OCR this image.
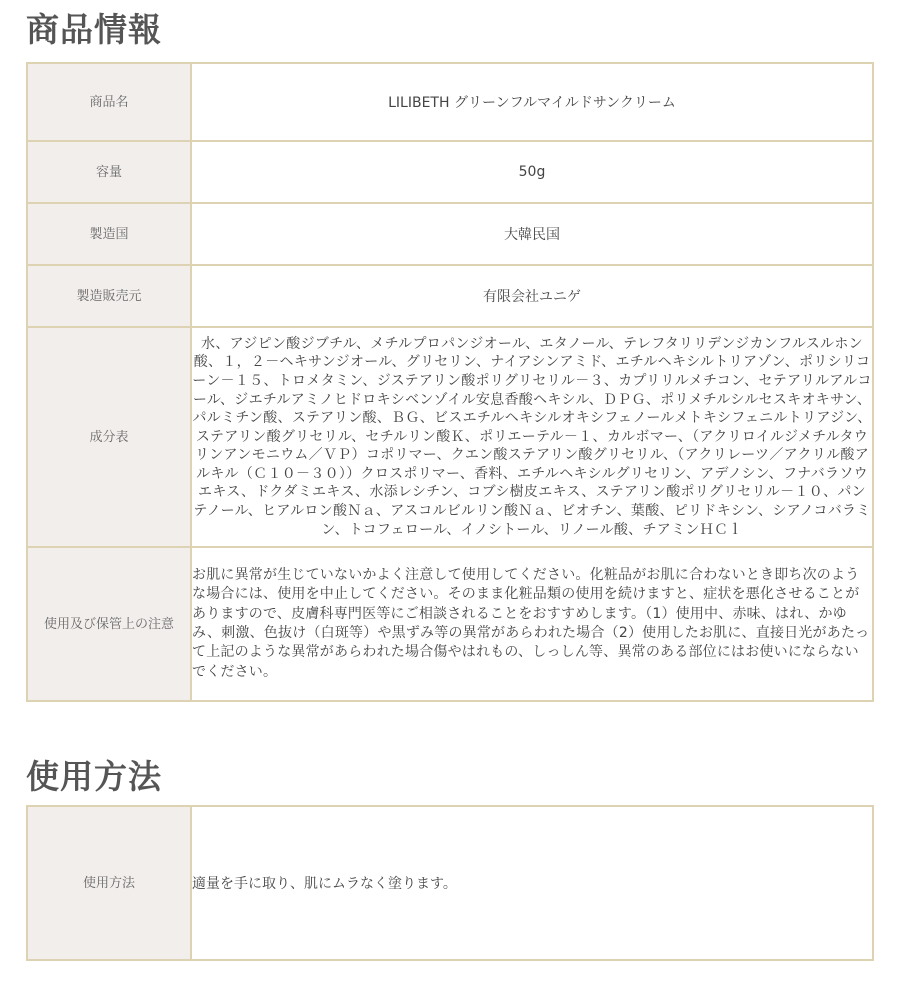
商品情報
商品名	LILIBETH グリーンフルマイルドサンクリーム
容量	50g
製造国	大韓民国
製造販売元	有限会社ユニゲ
成分表	水、アジピン酸ジブチル、メチルプロパンジオール、エタノール、テレフタリリデンジカンフルスルホン酸、１，２－ヘキサンジオール、グリセリン、ナイアシンアミド、エチルヘキシルトリアゾン、ポリシリコーン－１５、トロメタミン、ジステアリン酸ポリグリセリル－３、カプリリルメチコン、セテアリルアルコール、ジエチルアミノヒドロキシベンゾイル安息香酸ヘキシル、ＤＰＧ、ポリメチルシルセスキオキサン、パルミチン酸、ステアリン酸、ＢＧ、ビスエチルヘキシルオキシフェノールメトキシフェニルトリアジン、ステアリン酸グリセリル、セチルリン酸Ｋ、ポリエーテル－１、カルボマー、（アクリロイルジメチルタウリンアンモニウム／ＶＰ）コポリマー、クエン酸ステアリン酸グリセリル、（アクリレーツ／アクリル酸アルキル（Ｃ１０－３０））クロスポリマー、香料、エチルヘキシルグリセリン、アデノシン、フナバラソウエキス、ドクダミエキス、水添レシチン、コブシ樹皮エキス、ステアリン酸ポリグリセリル－１０、パンテノール、ヒアルロン酸Ｎａ、アスコルビルリン酸Ｎａ、ビオチン、葉酸、ピリドキシン、シアノコバラミン、トコフェロール、イノシトール、リノール酸、チアミンＨＣｌ
使用及び保管上の注意	お肌に異常が生じていないかよく注意して使用してください。化粧品がお肌に合わないとき即ち次のような場合には、使用を中止してください。そのまま化粧品類の使用を続けますと、症状を悪化させることがありますので、皮膚科専門医等にご相談されることをおすすめします。（1）使用中、赤味、はれ、かゆみ、刺激、色抜け（白斑等）や黒ずみ等の異常があらわれた場合（2）使用したお肌に、直接日光があたって上記のような異常があらわれた場合傷やはれもの、しっしん等、異常のある部位にはお使いにならないでください。
使用方法
使用方法	適量を手に取り、肌にムラなく塗ります。
